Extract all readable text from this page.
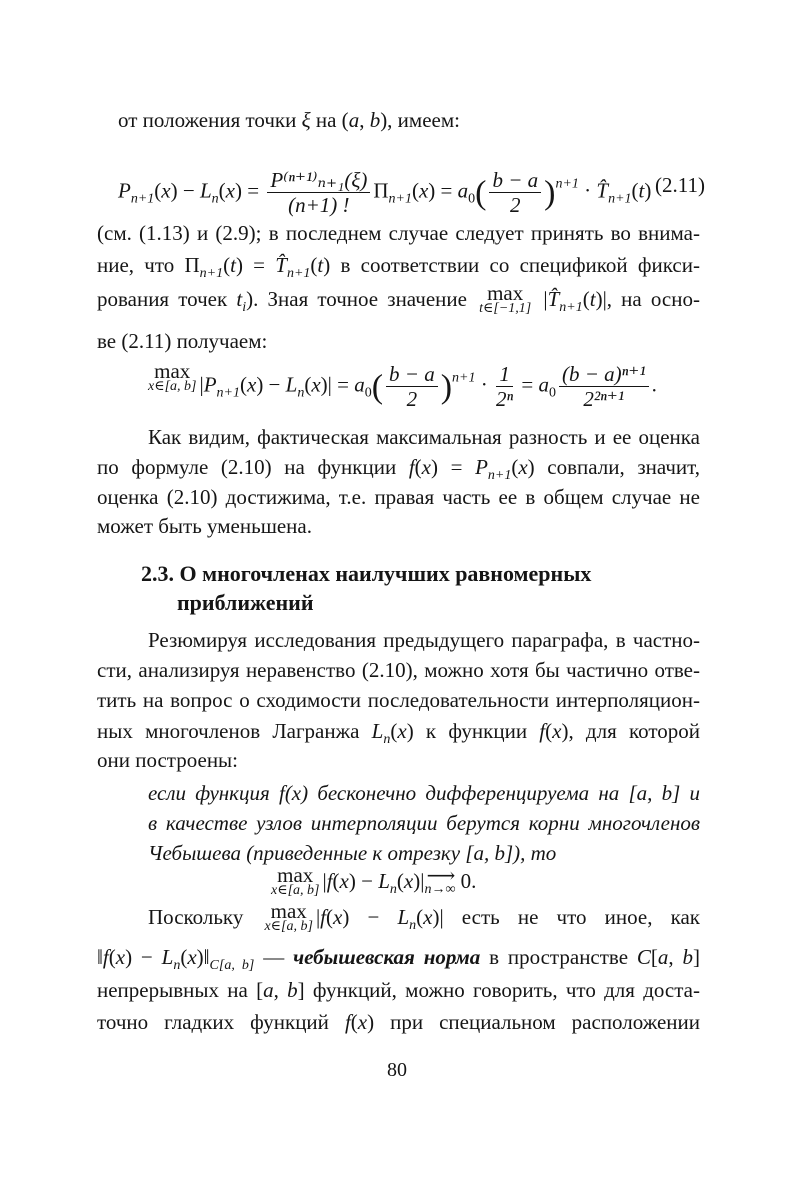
от положения точки ξ на (a, b), имеем:
$P_{n+1}(x) - L_n(x) = \frac{\text{P⁽ⁿ⁺¹⁾ₙ₊₁(ξ)}}{(n+1) !} \Pi_{n+1}(x) = a_0( \frac{b - a}{2} )^{n+1}$ · $T̂_{n+1}(t)$ (2.11)
(см. (1.13) и (2.9); в последнем случае следует принять во внима-
ние, что $\Pi_{n+1}(t)$ = $T̂_{n+1}(t)$ в соответствии со спецификой фикси-
рования точек $t_i$). Зная точное значение max
t∈[−1,1] $|T̂_{n+1}(t)|$, на осно-
ве (2.11) получаем:
max
x∈[a, b] $|P_{n+1}(x) - L_n(x)| = a_0( \frac{b - a}{2} )^{n+1} \cdot \frac{1}{\text{2ⁿ}} = a_0 \frac{\text{(b − a)ⁿ⁺¹}}{\text{2²ⁿ⁺¹}}$ .
Как видим, фактическая максимальная разность и ее оценка
по формуле (2.10) на функции $f(x) = P_{n+1}(x)$ совпали, значит,
оценка (2.10) достижима, т.е. правая часть ее в общем случае не
может быть уменьшена.
2.3. О многочленах наилучших равномерных
приближений
Резюмируя исследования предыдущего параграфа, в частно-
сти, анализируя неравенство (2.10), можно хотя бы частично отве-
тить на вопрос о сходимости последовательности интерполяцион-
ных многочленов Лагранжа $L_n(x)$ к функции f(x), для которой
они построены:
если функция f(x) бесконечно дифференцируема на [a, b] и
в качестве узлов интерполяции берутся корни многочленов
Чебышева (приведенные к отрезку [a, b]), то
max
x∈[a, b] $|f(x) - L_n(x)|$ ⟶
n→∞ 0.
Поскольку max
x∈[a, b] $|f(x) - L_n(x)|$ есть не что иное, как
‖f(x) − $L_n(x)‖_{C[a, b]}$ — чебышевская норма в пространстве C[a, b]
непрерывных на [a, b] функций, можно говорить, что для доста-
точно гладких функций f(x) при специальном расположении
80
